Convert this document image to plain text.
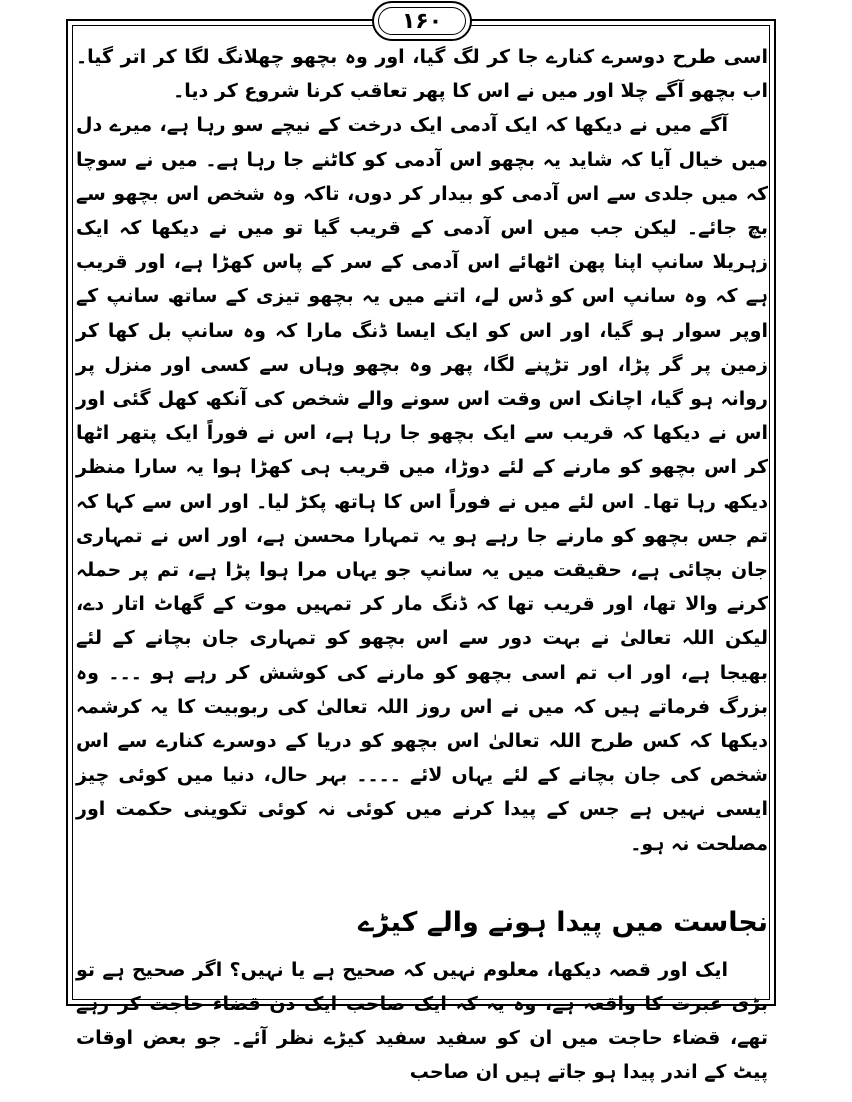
۱۶۰

اسی طرح دوسرے کنارے جا کر لگ گیا، اور وہ بچھو چھلانگ لگا کر اتر گیا۔ اب بچھو آگے چلا اور میں نے اس کا پھر تعاقب کرنا شروع کر دیا۔

آگے میں نے دیکھا کہ ایک آدمی ایک درخت کے نیچے سو رہا ہے، میرے دل میں خیال آیا کہ شاید یہ بچھو اس آدمی کو کاٹنے جا رہا ہے۔ میں نے سوچا کہ میں جلدی سے اس آدمی کو بیدار کر دوں، تاکہ وہ شخص اس بچھو سے بچ جائے۔ لیکن جب میں اس آدمی کے قریب گیا تو میں نے دیکھا کہ ایک زہریلا سانپ اپنا پھن اٹھائے اس آدمی کے سر کے پاس کھڑا ہے، اور قریب ہے کہ وہ سانپ اس کو ڈس لے، اتنے میں یہ بچھو تیزی کے ساتھ سانپ کے اوپر سوار ہو گیا، اور اس کو ایک ایسا ڈنگ مارا کہ وہ سانپ بل کھا کر زمین پر گر پڑا، اور تڑپنے لگا، پھر وہ بچھو وہاں سے کسی اور منزل پر روانہ ہو گیا، اچانک اس وقت اس سونے والے شخص کی آنکھ کھل گئی اور اس نے دیکھا کہ قریب سے ایک بچھو جا رہا ہے، اس نے فوراً ایک پتھر اٹھا کر اس بچھو کو مارنے کے لئے دوڑا، میں قریب ہی کھڑا ہوا یہ سارا منظر دیکھ رہا تھا۔ اس لئے میں نے فوراً اس کا ہاتھ پکڑ لیا۔ اور اس سے کہا کہ تم جس بچھو کو مارنے جا رہے ہو یہ تمہارا محسن ہے، اور اس نے تمہاری جان بچائی ہے، حقیقت میں یہ سانپ جو یہاں مرا ہوا پڑا ہے، تم پر حملہ کرنے والا تھا، اور قریب تھا کہ ڈنگ مار کر تمہیں موت کے گھاٹ اتار دے، لیکن اللہ تعالیٰ نے بہت دور سے اس بچھو کو تمہاری جان بچانے کے لئے بھیجا ہے، اور اب تم اسی بچھو کو مارنے کی کوشش کر رہے ہو ۔۔۔ وہ بزرگ فرماتے ہیں کہ میں نے اس روز اللہ تعالیٰ کی ربوبیت کا یہ کرشمہ دیکھا کہ کس طرح اللہ تعالیٰ اس بچھو کو دریا کے دوسرے کنارے سے اس شخص کی جان بچانے کے لئے یہاں لائے ۔۔۔۔ بہر حال، دنیا میں کوئی چیز ایسی نہیں ہے جس کے پیدا کرنے میں کوئی نہ کوئی تکوینی حکمت اور مصلحت نہ ہو۔

نجاست میں پیدا ہونے والے کیڑے

ایک اور قصہ دیکھا، معلوم نہیں کہ صحیح ہے یا نہیں؟ اگر صحیح ہے تو بڑی عبرت کا واقعہ ہے، وہ یہ کہ ایک صاحب ایک دن قضاء حاجت کر رہے تھے، قضاء حاجت میں ان کو سفید سفید کیڑے نظر آئے۔ جو بعض اوقات پیٹ کے اندر پیدا ہو جاتے ہیں ان صاحب
